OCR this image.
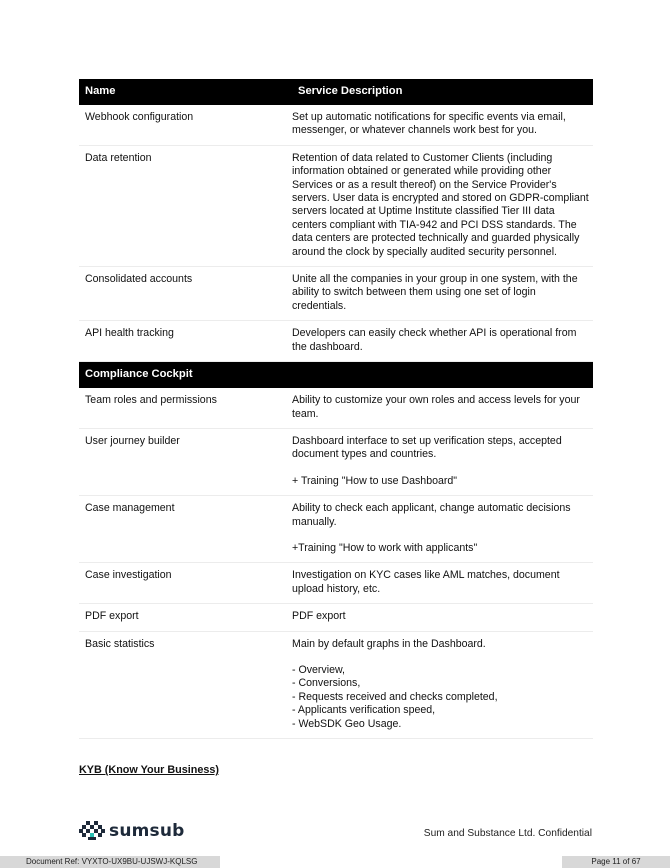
Name	Service Description
Webhook configuration	Set up automatic notifications for specific events via email, messenger, or whatever channels work best for you.

Data retention	Retention of data related to Customer Clients (including information obtained or generated while providing other Services or as a result thereof) on the Service Provider's servers. User data is encrypted and stored on GDPR-compliant servers located at Uptime Institute classified Tier III data centers compliant with TIA-942 and PCI DSS standards. The data centers are protected technically and guarded physically around the clock by specially audited security personnel.

Consolidated accounts	Unite all the companies in your group in one system, with the ability to switch between them using one set of login credentials.

API health tracking	Developers can easily check whether API is operational from the dashboard.

Compliance Cockpit
Team roles and permissions	Ability to customize your own roles and access levels for your team.

User journey builder	Dashboard interface to set up verification steps, accepted document types and countries.

+ Training "How to use Dashboard"

Case management	Ability to check each applicant, change automatic decisions manually.

+Training "How to work with applicants"

Case investigation	Investigation on KYC cases like AML matches, document upload history, etc.

PDF export	PDF export

Basic statistics	Main by default graphs in the Dashboard.

- Overview,
- Conversions,
- Requests received and checks completed,
- Applicants verification speed,
- WebSDK Geo Usage.

KYB (Know Your Business)
sumsub	Sum and Substance Ltd. Confidential
Document Ref: VYXTO-UX9BU-UJSWJ-KQLSG	Page 11 of 67
